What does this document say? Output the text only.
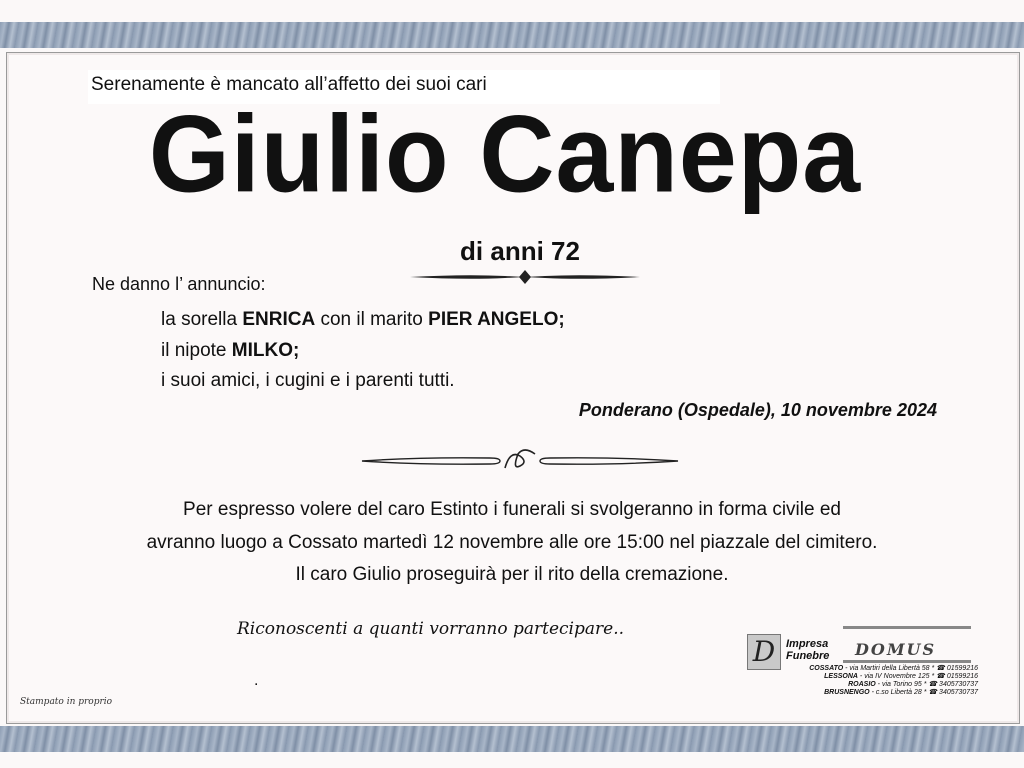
Serenamente è mancato all’affetto dei suoi cari
Giulio Canepa
di anni 72
Ne danno l’ annuncio:
la sorella ENRICA con il marito PIER ANGELO;
il nipote MILKO;
i suoi amici, i cugini e i parenti tutti.
Ponderano (Ospedale), 10 novembre 2024
Per espresso volere del caro Estinto i funerali si svolgeranno in forma civile ed
avranno luogo a Cossato martedì 12 novembre alle ore 15:00 nel piazzale del cimitero.
Il caro Giulio proseguirà per il rito della cremazione.
Riconoscenti a quanti vorranno partecipare..
.
Stampato in proprio
D Impresa
Funebre DOMUS
COSSATO - via Martiri della Libertà 58 * ☎ 01599216
LESSONA - via IV Novembre 125 * ☎ 01599216
ROASIO - via Torino 95 * ☎ 3405730737
BRUSNENGO - c.so Libertà 28 * ☎ 3405730737
